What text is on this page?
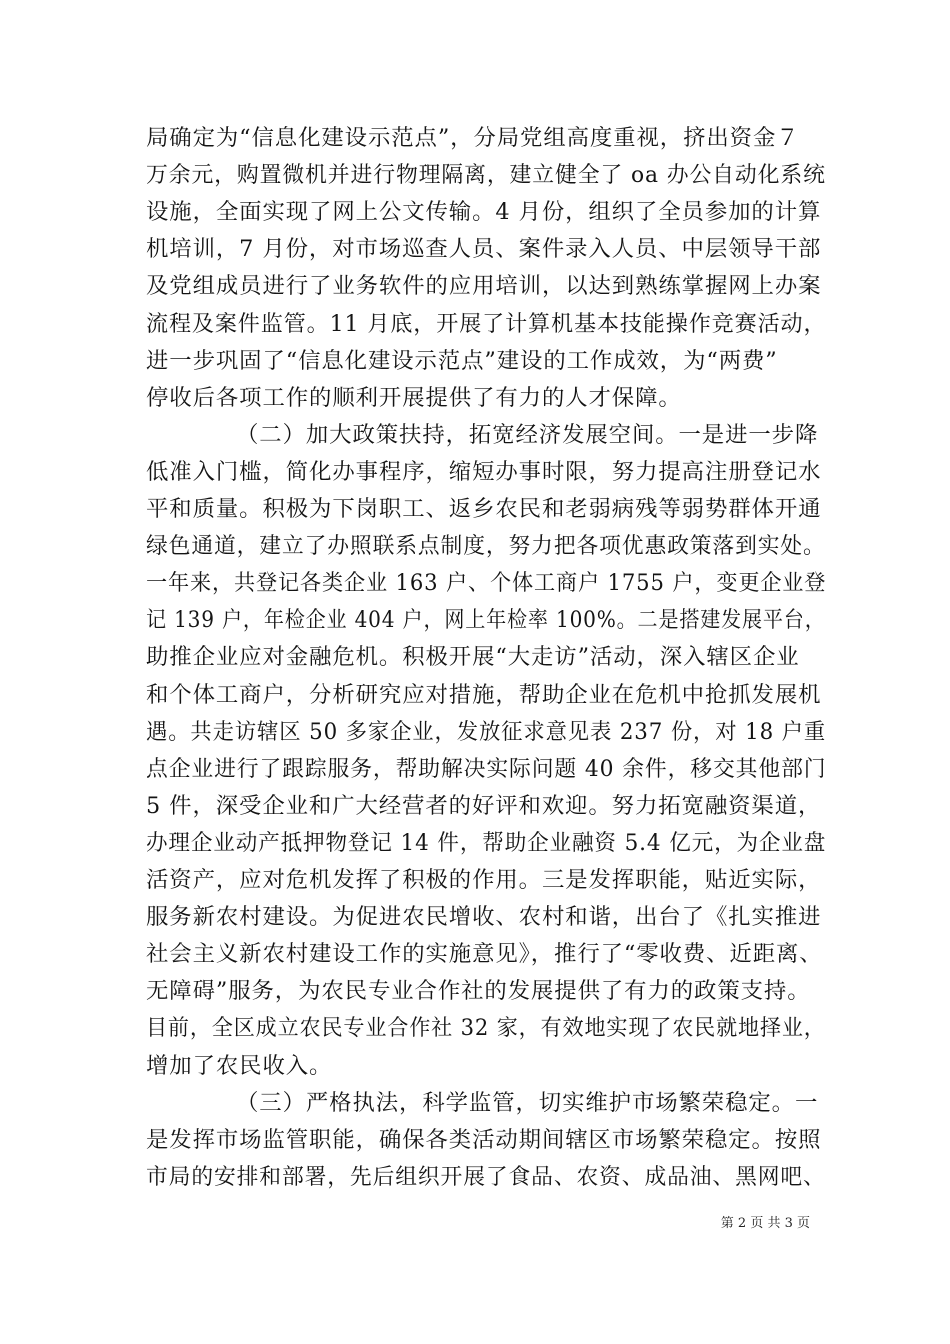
局确定为“信息化建设示范点”，分局党组高度重视，挤出资金７
万余元，购置微机并进行物理隔离，建立健全了 oa 办公自动化系统
设施，全面实现了网上公文传输。4 月份，组织了全员参加的计算
机培训，7 月份，对市场巡查人员、案件录入人员、中层领导干部
及党组成员进行了业务软件的应用培训，以达到熟练掌握网上办案
流程及案件监管。11 月底，开展了计算机基本技能操作竞赛活动，
进一步巩固了“信息化建设示范点”建设的工作成效，为“两费”
停收后各项工作的顺利开展提供了有力的人才保障。
（二）加大政策扶持，拓宽经济发展空间。一是进一步降
低准入门槛，简化办事程序，缩短办事时限，努力提高注册登记水
平和质量。积极为下岗职工、返乡农民和老弱病残等弱势群体开通
绿色通道，建立了办照联系点制度，努力把各项优惠政策落到实处。
一年来，共登记各类企业 163 户、个体工商户 1755 户，变更企业登
记 139 户，年检企业 404 户，网上年检率 100%。二是搭建发展平台，
助推企业应对金融危机。积极开展“大走访”活动，深入辖区企业
和个体工商户，分析研究应对措施，帮助企业在危机中抢抓发展机
遇。共走访辖区 50 多家企业，发放征求意见表 237 份，对 18 户重
点企业进行了跟踪服务，帮助解决实际问题 40 余件，移交其他部门
5 件，深受企业和广大经营者的好评和欢迎。努力拓宽融资渠道，
办理企业动产抵押物登记 14 件，帮助企业融资 5.4 亿元，为企业盘
活资产，应对危机发挥了积极的作用。三是发挥职能，贴近实际，
服务新农村建设。为促进农民增收、农村和谐，出台了《扎实推进
社会主义新农村建设工作的实施意见》，推行了“零收费、近距离、
无障碍”服务，为农民专业合作社的发展提供了有力的政策支持。
目前，全区成立农民专业合作社 32 家，有效地实现了农民就地择业，
增加了农民收入。
（三）严格执法，科学监管，切实维护市场繁荣稳定。一
是发挥市场监管职能，确保各类活动期间辖区市场繁荣稳定。按照
市局的安排和部署，先后组织开展了食品、农资、成品油、黑网吧、
第 2 页 共 3 页
